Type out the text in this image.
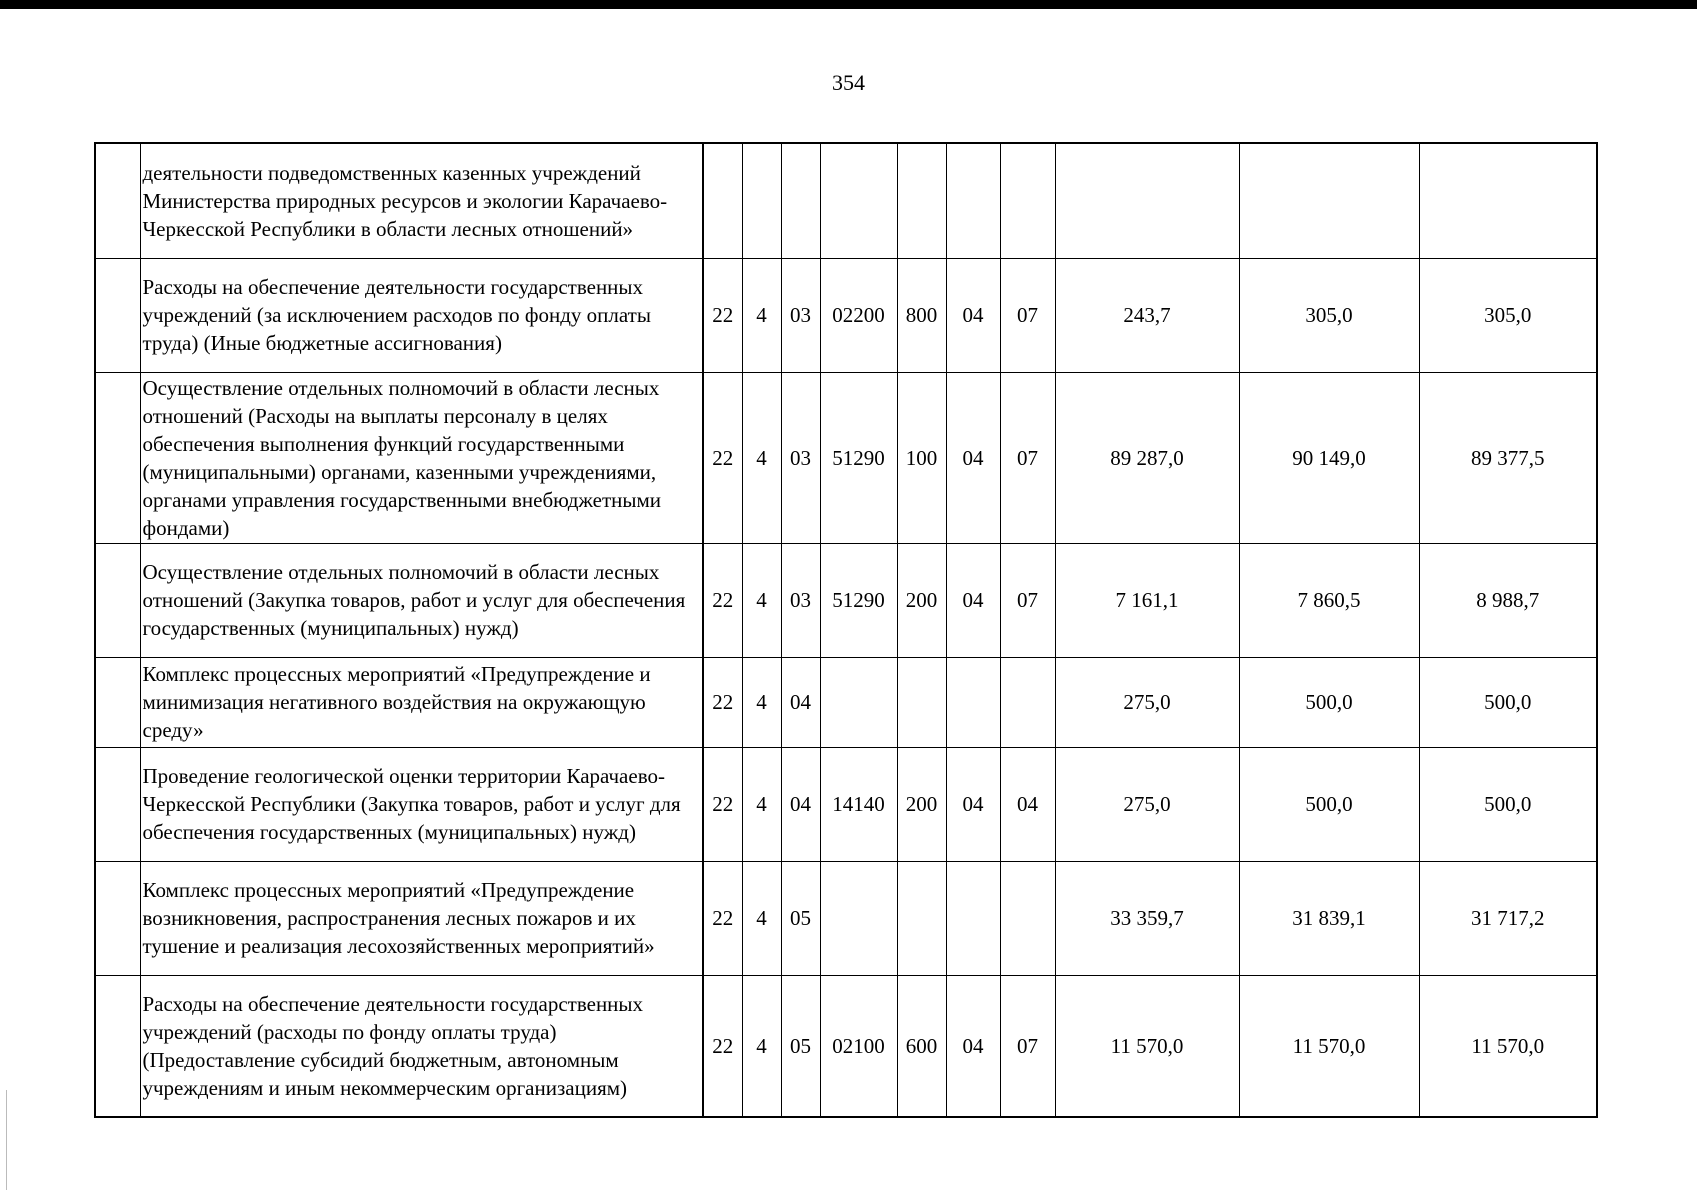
354
	деятельности подведомственных казенных учреждений Министерства природных ресурсов и экологии Карачаево-Черкесской Республики в области лесных отношений»										
	Расходы на обеспечение деятельности государственных учреждений (за исключением расходов по фонду оплаты труда) (Иные бюджетные ассигнования)	22	4	03	02200	800	04	07	243,7	305,0	305,0
	Осуществление отдельных полномочий в области лесных отношений (Расходы на выплаты персоналу в целях обеспечения выполнения функций государственными (муниципальными) органами, казенными учреждениями, органами управления государственными внебюджетными фондами)	22	4	03	51290	100	04	07	89 287,0	90 149,0	89 377,5
	Осуществление отдельных полномочий в области лесных отношений (Закупка товаров, работ и услуг для обеспечения государственных (муниципальных) нужд)	22	4	03	51290	200	04	07	7 161,1	7 860,5	8 988,7
	Комплекс процессных мероприятий «Предупреждение и минимизация негативного воздействия на окружающую среду»	22	4	04					275,0	500,0	500,0
	Проведение геологической оценки территории Карачаево-Черкесской Республики (Закупка товаров, работ и услуг для обеспечения государственных (муниципальных) нужд)	22	4	04	14140	200	04	04	275,0	500,0	500,0
	Комплекс процессных мероприятий «Предупреждение возникновения, распространения лесных пожаров и их тушение и реализация лесохозяйственных мероприятий»	22	4	05					33 359,7	31 839,1	31 717,2
	Расходы на обеспечение деятельности государственных учреждений (расходы по фонду оплаты труда) (Предоставление субсидий бюджетным, автономным учреждениям и иным некоммерческим организациям)	22	4	05	02100	600	04	07	11 570,0	11 570,0	11 570,0
